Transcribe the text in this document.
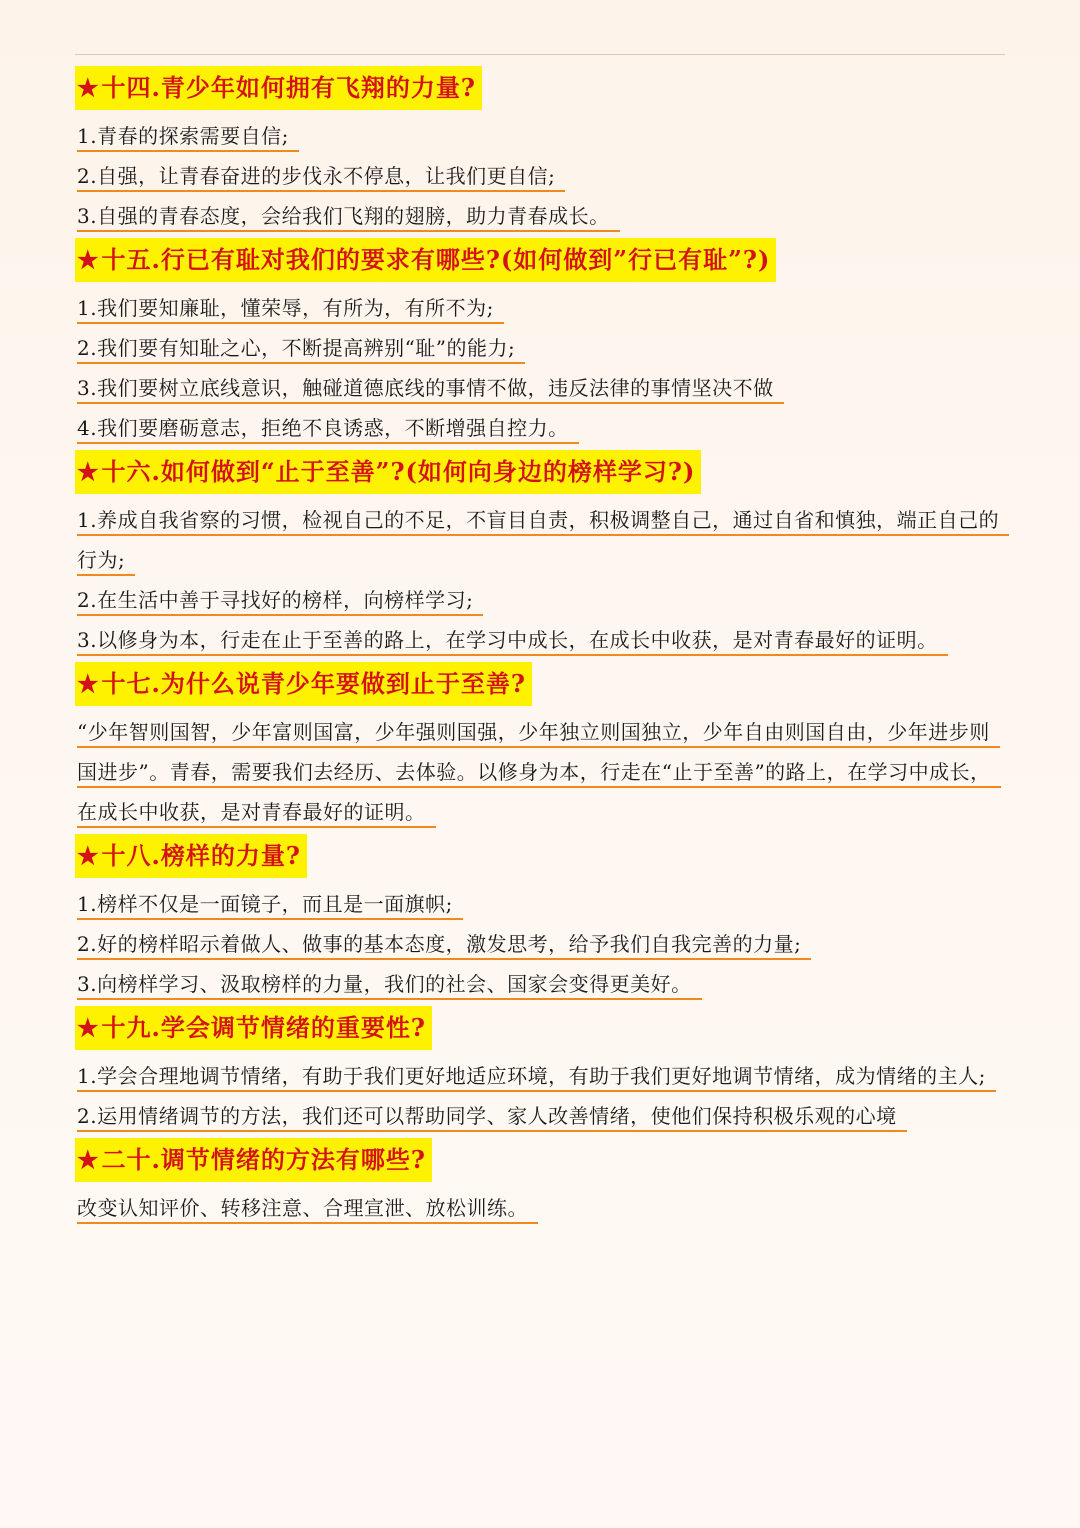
★十四.青少年如何拥有飞翔的力量?
1.青春的探索需要自信;
2.自强，让青春奋进的步伐永不停息，让我们更自信;
3.自强的青春态度，会给我们飞翔的翅膀，助力青春成长。
★十五.行已有耻对我们的要求有哪些?(如何做到”行已有耻”?)
1.我们要知廉耻，懂荣辱，有所为，有所不为;
2.我们要有知耻之心，不断提高辨别“耻”的能力;
3.我们要树立底线意识，触碰道德底线的事情不做，违反法律的事情坚决不做
4.我们要磨砺意志，拒绝不良诱惑，不断增强自控力。
★十六.如何做到“止于至善”?(如何向身边的榜样学习?)
1.养成自我省察的习惯，检视自己的不足，不盲目自责，积极调整自己，通过自省和慎独，端正自己的行为;
2.在生活中善于寻找好的榜样，向榜样学习;
3.以修身为本，行走在止于至善的路上，在学习中成长，在成长中收获，是对青春最好的证明。
★十七.为什么说青少年要做到止于至善?
“少年智则国智，少年富则国富，少年强则国强，少年独立则国独立，少年自由则国自由，少年进步则国进步”。青春，需要我们去经历、去体验。以修身为本，行走在“止于至善”的路上，在学习中成长，在成长中收获，是对青春最好的证明。
★十八.榜样的力量?
1.榜样不仅是一面镜子，而且是一面旗帜;
2.好的榜样昭示着做人、做事的基本态度，激发思考，给予我们自我完善的力量;
3.向榜样学习、汲取榜样的力量，我们的社会、国家会变得更美好。
★十九.学会调节情绪的重要性?
1.学会合理地调节情绪，有助于我们更好地适应环境，有助于我们更好地调节情绪，成为情绪的主人;
2.运用情绪调节的方法，我们还可以帮助同学、家人改善情绪，使他们保持积极乐观的心境
★二十.调节情绪的方法有哪些?
改变认知评价、转移注意、合理宣泄、放松训练。
